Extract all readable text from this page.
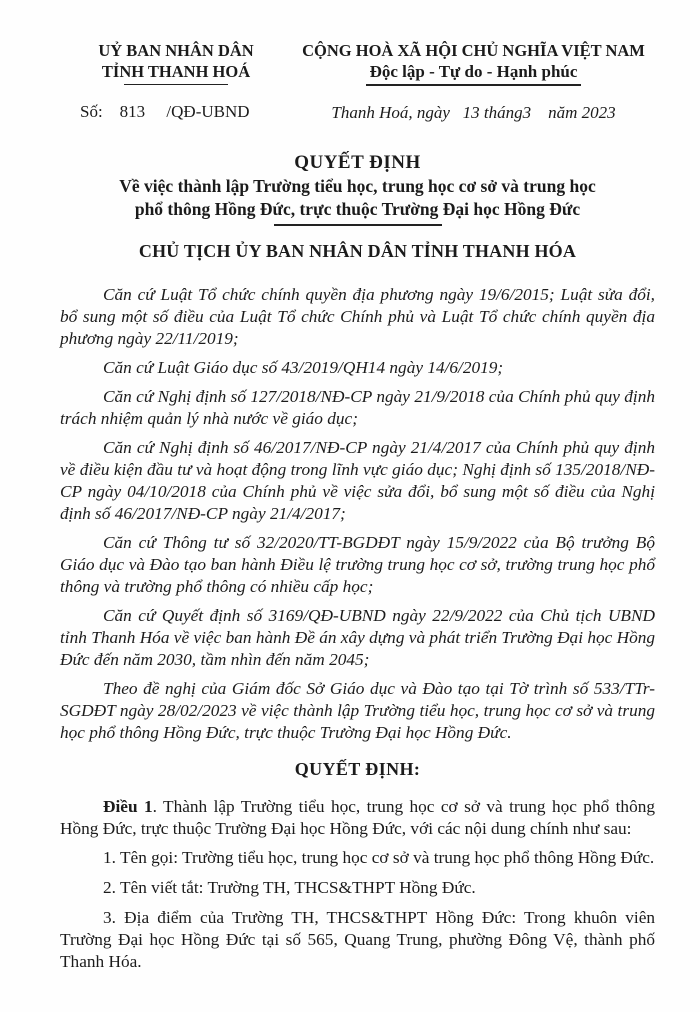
UỶ BAN NHÂN DÂN
TỈNH THANH HOÁ
Số:    813     /QĐ-UBND
CỘNG HOÀ XÃ HỘI CHỦ NGHĨA VIỆT NAM
Độc lập - Tự do - Hạnh phúc
Thanh Hoá, ngày   13 tháng3    năm 2023
QUYẾT ĐỊNH
Về việc thành lập Trường tiểu học, trung học cơ sở và trung học
phổ thông Hồng Đức, trực thuộc Trường Đại học Hồng Đức
CHỦ TỊCH ỦY BAN NHÂN DÂN TỈNH THANH HÓA

Căn cứ Luật Tổ chức chính quyền địa phương ngày 19/6/2015; Luật sửa đổi, bổ sung một số điều của Luật Tổ chức Chính phủ và Luật Tổ chức chính quyền địa phương ngày 22/11/2019;

Căn cứ Luật Giáo dục số 43/2019/QH14 ngày 14/6/2019;

Căn cứ Nghị định số 127/2018/NĐ-CP ngày 21/9/2018 của Chính phủ quy định trách nhiệm quản lý nhà nước về giáo dục;

Căn cứ Nghị định số 46/2017/NĐ-CP ngày 21/4/2017 của Chính phủ quy định về điều kiện đầu tư và hoạt động trong lĩnh vực giáo dục; Nghị định số 135/2018/NĐ-CP ngày 04/10/2018 của Chính phủ về việc sửa đổi, bổ sung một số điều của Nghị định số 46/2017/NĐ-CP ngày 21/4/2017;

Căn cứ Thông tư số 32/2020/TT-BGDĐT ngày 15/9/2022 của Bộ trưởng Bộ Giáo dục và Đào tạo ban hành Điều lệ trường trung học cơ sở, trường trung học phổ thông và trường phổ thông có nhiều cấp học;

Căn cứ Quyết định số 3169/QĐ-UBND ngày 22/9/2022 của Chủ tịch UBND tỉnh Thanh Hóa về việc ban hành Đề án xây dựng và phát triển Trường Đại học Hồng Đức đến năm 2030, tầm nhìn đến năm 2045;

Theo đề nghị của Giám đốc Sở Giáo dục và Đào tạo tại Tờ trình số 533/TTr-SGDĐT ngày 28/02/2023 về việc thành lập Trường tiểu học, trung học cơ sở và trung học phổ thông Hồng Đức, trực thuộc Trường Đại học Hồng Đức.

QUYẾT ĐỊNH:

Điều 1. Thành lập Trường tiểu học, trung học cơ sở và trung học phổ thông Hồng Đức, trực thuộc Trường Đại học Hồng Đức, với các nội dung chính như sau:

1. Tên gọi: Trường tiểu học, trung học cơ sở và trung học phổ thông Hồng Đức.

2. Tên viết tắt: Trường TH, THCS&THPT Hồng Đức.

3. Địa điểm của Trường TH, THCS&THPT Hồng Đức: Trong khuôn viên Trường Đại học Hồng Đức tại số 565, Quang Trung, phường Đông Vệ, thành phố Thanh Hóa.
